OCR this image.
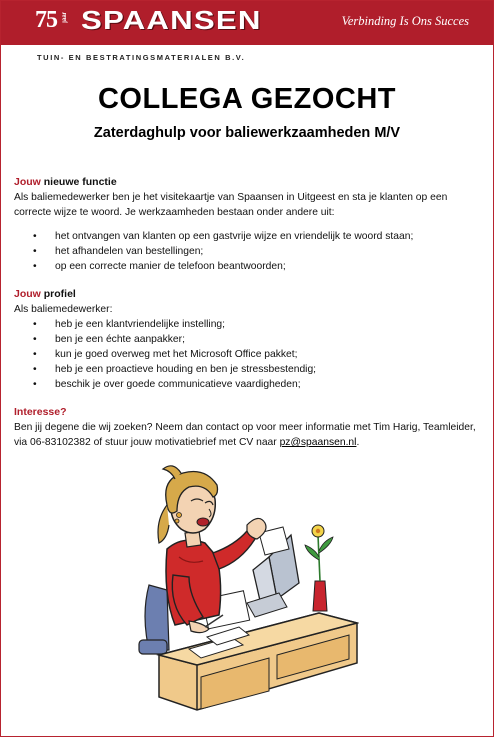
75 jaar SPAANSEN	Verbinding Is Ons Succes
TUIN- EN BESTRATINGSMATERIALEN B.V.
COLLEGA GEZOCHT
Zaterdaghulp voor baliewerkzaamheden M/V

Jouw nieuwe functie

Als baliemedewerker ben je het visitekaartje van Spaansen in Uitgeest en sta je klanten op een correcte wijze te woord. Je werkzaamheden bestaan onder andere uit:

• het ontvangen van klanten op een gastvrije wijze en vriendelijk te woord staan;
• het afhandelen van bestellingen;
• op een correcte manier de telefoon beantwoorden;

Jouw profiel

Als baliemedewerker:

• heb je een klantvriendelijke instelling;
• ben je een échte aanpakker;
• kun je goed overweg met het Microsoft Office pakket;
• heb je een proactieve houding en ben je stressbestendig;
• beschik je over goede communicatieve vaardigheden;

Interesse?

Ben jij degene die wij zoeken? Neem dan contact op voor meer informatie met Tim Harig, Teamleider, via 06-83102382 of stuur jouw motivatiebrief met CV naar pz@spaansen.nl.
